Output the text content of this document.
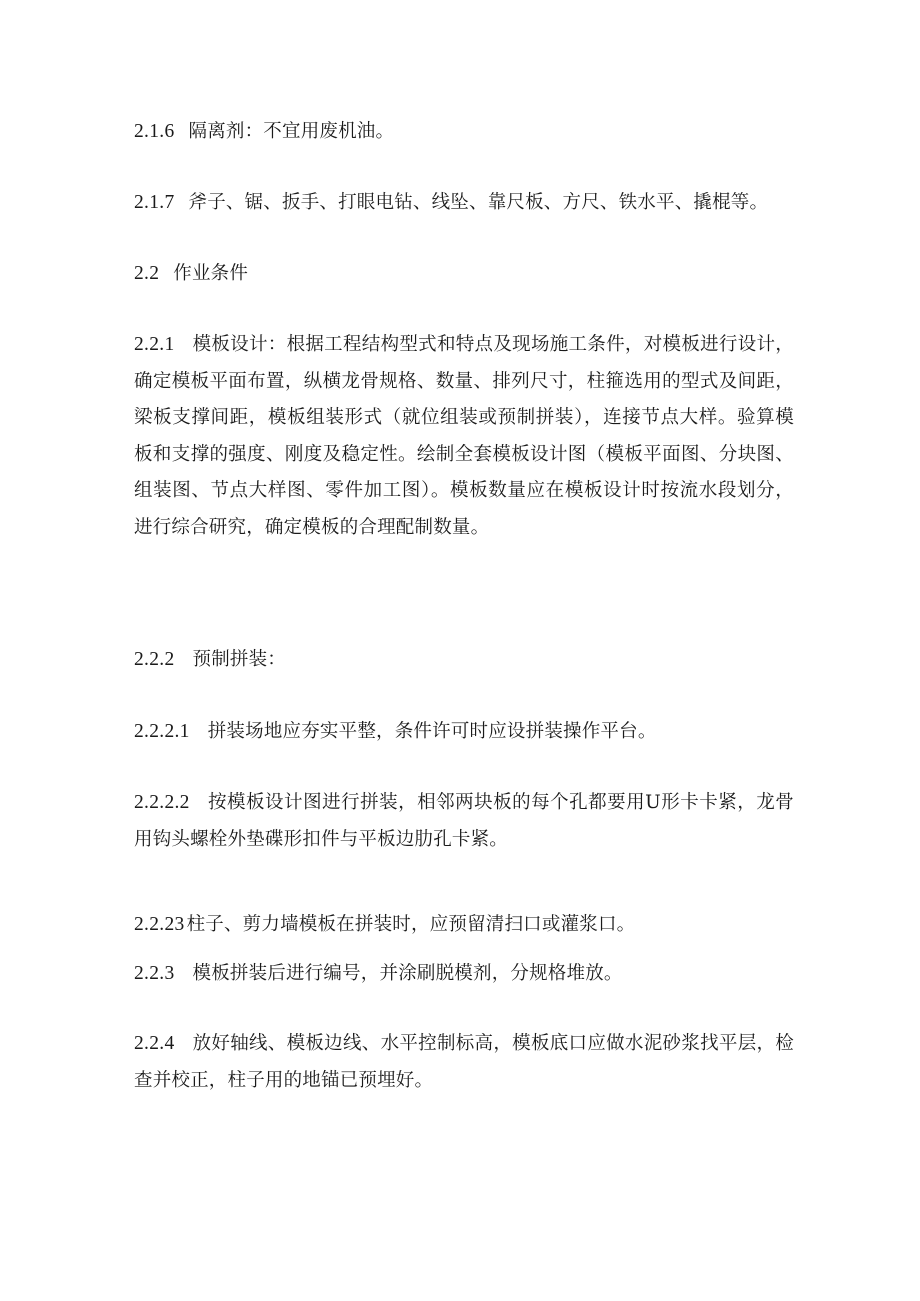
2.1.6 隔离剂：不宜用废机油。

2.1.7 斧子、锯、扳手、打眼电钻、线坠、靠尺板、方尺、铁水平、撬棍等。

2.2 作业条件

2.2.1 模板设计：根据工程结构型式和特点及现场施工条件，对模板进行设计，确定模板平面布置，纵横龙骨规格、数量、排列尺寸，柱箍选用的型式及间距，梁板支撑间距，模板组装形式（就位组装或预制拼装），连接节点大样。验算模板和支撑的强度、刚度及稳定性。绘制全套模板设计图（模板平面图、分块图、组装图、节点大样图、零件加工图）。模板数量应在模板设计时按流水段划分，进行综合研究，确定模板的合理配制数量。

2.2.2 预制拼装：

2.2.2.1 拼装场地应夯实平整，条件许可时应设拼装操作平台。

2.2.2.2 按模板设计图进行拼装，相邻两块板的每个孔都要用U形卡卡紧，龙骨用钩头螺栓外垫碟形扣件与平板边肋孔卡紧。

2.2.23 柱子、剪力墙模板在拼装时，应预留清扫口或灌浆口。

2.2.3 模板拼装后进行编号，并涂刷脱模剂，分规格堆放。

2.2.4 放好轴线、模板边线、水平控制标高，模板底口应做水泥砂浆找平层，检查并校正，柱子用的地锚已预埋好。
